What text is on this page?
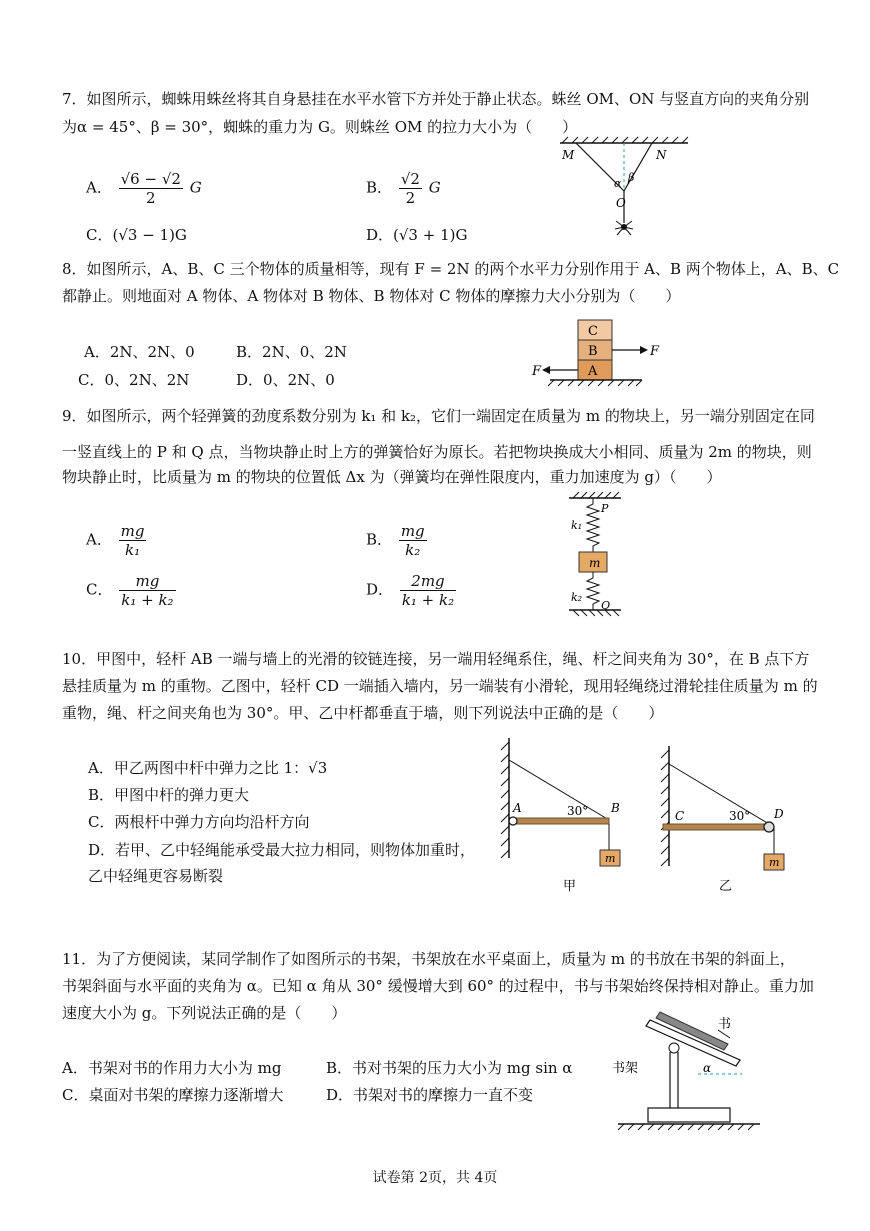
7．如图所示，蜘蛛用蛛丝将其自身悬挂在水平水管下方并处于静止状态。蛛丝 OM、ON 与竖直方向的夹角分别
为α = 45°、β = 30°，蜘蛛的重力为 G。则蛛丝 OM 的拉力大小为（　　）
A． $\frac{√6 - √2}{2}$ G	B． $\frac{√2}{2}$ G
C．(√3 − 1)G	D．(√3 + 1)G
M	N
α β
O
8．如图所示，A、B、C 三个物体的质量相等，现有 F = 2N 的两个水平力分别作用于 A、B 两个物体上，A、B、C
都静止。则地面对 A 物体、A 物体对 B 物体、B 物体对 C 物体的摩擦力大小分别为（　　）
A．2N、2N、0	B．2N、0、2N
C．0、2N、2N	D．0、2N、0
C
B
A
F
F
9．如图所示，两个轻弹簧的劲度系数分别为 k₁ 和 k₂，它们一端固定在质量为 m 的物块上，另一端分别固定在同
一竖直线上的 P 和 Q 点，当物块静止时上方的弹簧恰好为原长。若把物块换成大小相同、质量为 2m 的物块，则
物块静止时，比质量为 m 的物块的位置低 Δx 为（弹簧均在弹性限度内，重力加速度为 g）（　　）
A． $\frac{mg}{\text{k₁}}$	B． $\frac{mg}{\text{k₂}}$
C． $\frac{mg}{\text{k₁ + k₂}}$	D． $\frac{2mg}{\text{k₁ + k₂}}$
m
P
k₁
k₂
Q
10．甲图中，轻杆 AB 一端与墙上的光滑的铰链连接，另一端用轻绳系住，绳、杆之间夹角为 30°，在 B 点下方
悬挂质量为 m 的重物。乙图中，轻杆 CD 一端插入墙内，另一端装有小滑轮，现用轻绳绕过滑轮挂住质量为 m 的
重物，绳、杆之间夹角也为 30°。甲、乙中杆都垂直于墙，则下列说法中正确的是（　　）
A．甲乙两图中杆中弹力之比 1：√3
B．甲图中杆的弹力更大
C．两根杆中弹力方向均沿杆方向
D．若甲、乙中轻绳能承受最大拉力相同，则物体加重时，
乙中轻绳更容易断裂
m
A	B
30°
甲
m
C	D
30°
乙
11．为了方便阅读，某同学制作了如图所示的书架，书架放在水平桌面上，质量为 m 的书放在书架的斜面上，
书架斜面与水平面的夹角为 α。已知 α 角从 30° 缓慢增大到 60° 的过程中，书与书架始终保持相对静止。重力加
速度大小为 g。下列说法正确的是（　　）
A．书架对书的作用力大小为 mg	B．书对书架的压力大小为 mg sin α
C．桌面对书架的摩擦力逐渐增大	D．书架对书的摩擦力一直不变
书
α
书架
试卷第 2页，共 4页
